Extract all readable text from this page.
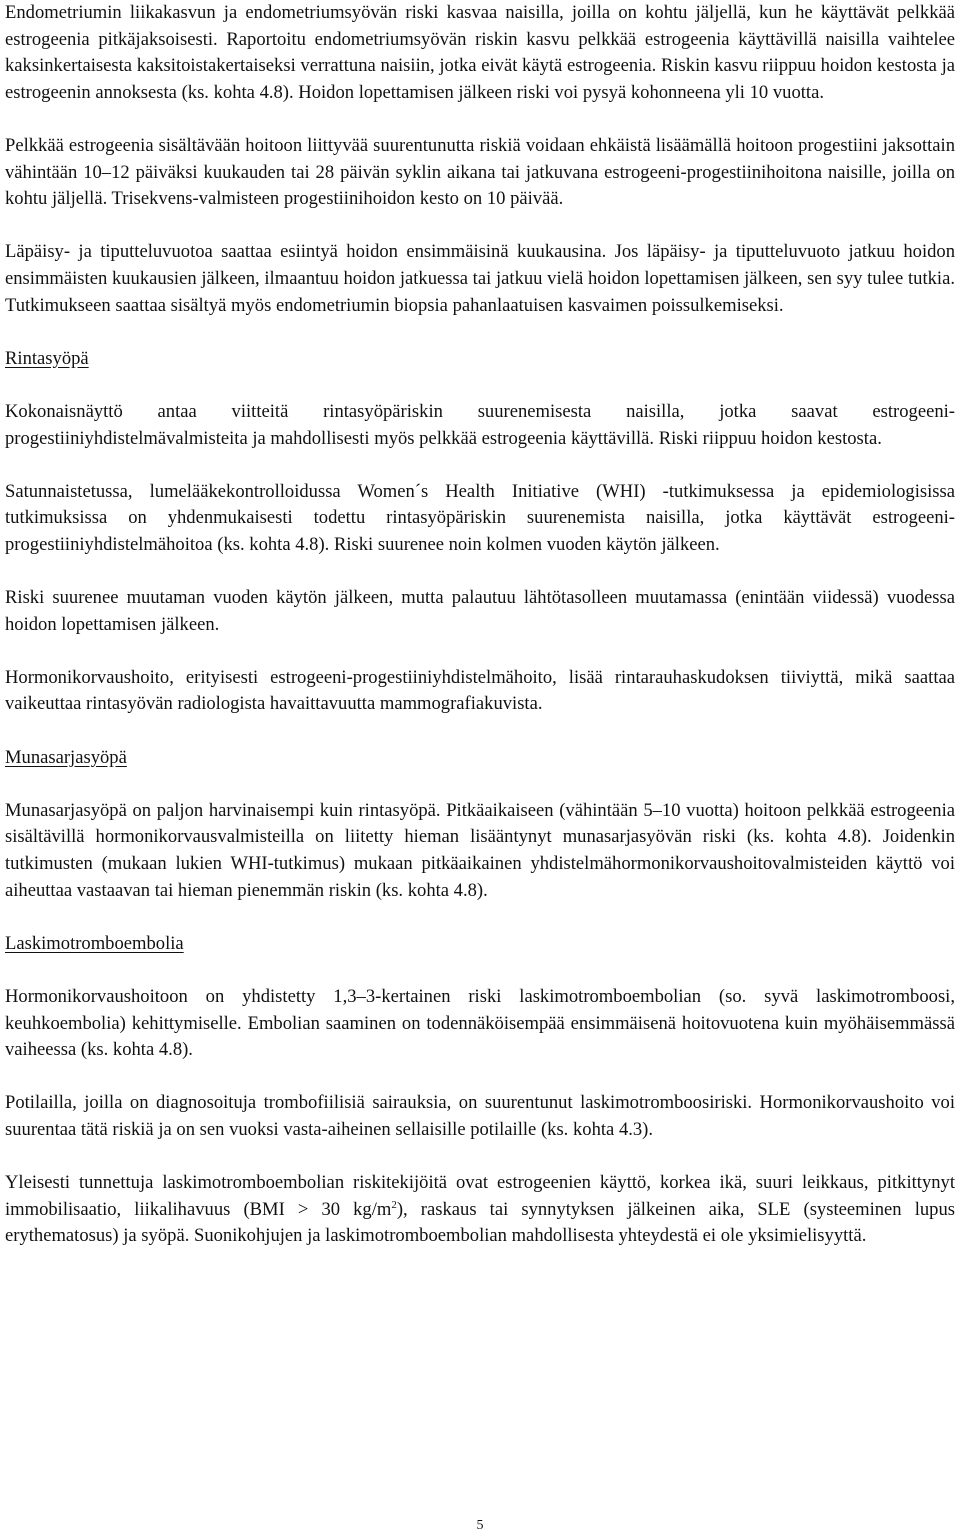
Endometriumin liikakasvun ja endometriumsyövän riski kasvaa naisilla, joilla on kohtu jäljellä, kun he käyttävät pelkkää estrogeenia pitkäjaksoisesti. Raportoitu endometriumsyövän riskin kasvu pelkkää estrogeenia käyttävillä naisilla vaihtelee kaksinkertaisesta kaksitoistakertaiseksi verrattuna naisiin, jotka eivät käytä estrogeenia. Riskin kasvu riippuu hoidon kestosta ja estrogeenin annoksesta (ks. kohta 4.8). Hoidon lopettamisen jälkeen riski voi pysyä kohonneena yli 10 vuotta.

Pelkkää estrogeenia sisältävään hoitoon liittyvää suurentunutta riskiä voidaan ehkäistä lisäämällä hoitoon progestiini jaksottain vähintään 10–12 päiväksi kuukauden tai 28 päivän syklin aikana tai jatkuvana estrogeeni-progestiinihoitona naisille, joilla on kohtu jäljellä. Trisekvens-valmisteen progestiinihoidon kesto on 10 päivää.

Läpäisy- ja tiputteluvuotoa saattaa esiintyä hoidon ensimmäisinä kuukausina. Jos läpäisy- ja tiputteluvuoto jatkuu hoidon ensimmäisten kuukausien jälkeen, ilmaantuu hoidon jatkuessa tai jatkuu vielä hoidon lopettamisen jälkeen, sen syy tulee tutkia. Tutkimukseen saattaa sisältyä myös endometriumin biopsia pahanlaatuisen kasvaimen poissulkemiseksi.

Rintasyöpä

Kokonaisnäyttö antaa viitteitä rintasyöpäriskin suurenemisesta naisilla, jotka saavat estrogeeni-progestiiniyhdistelmävalmisteita ja mahdollisesti myös pelkkää estrogeenia käyttävillä. Riski riippuu hoidon kestosta.

Satunnaistetussa, lumelääkekontrolloidussa Women´s Health Initiative (WHI) -tutkimuksessa ja epidemiologisissa tutkimuksissa on yhdenmukaisesti todettu rintasyöpäriskin suurenemista naisilla, jotka käyttävät estrogeeni-progestiiniyhdistelmähoitoa (ks. kohta 4.8). Riski suurenee noin kolmen vuoden käytön jälkeen.

Riski suurenee muutaman vuoden käytön jälkeen, mutta palautuu lähtötasolleen muutamassa (enintään viidessä) vuodessa hoidon lopettamisen jälkeen.

Hormonikorvaushoito, erityisesti estrogeeni-progestiiniyhdistelmähoito, lisää rintarauhaskudoksen tiiviyttä, mikä saattaa vaikeuttaa rintasyövän radiologista havaittavuutta mammografiakuvista.

Munasarjasyöpä

Munasarjasyöpä on paljon harvinaisempi kuin rintasyöpä. Pitkäaikaiseen (vähintään 5–10 vuotta) hoitoon pelkkää estrogeenia sisältävillä hormonikorvausvalmisteilla on liitetty hieman lisääntynyt munasarjasyövän riski (ks. kohta 4.8). Joidenkin tutkimusten (mukaan lukien WHI-tutkimus) mukaan pitkäaikainen yhdistelmähormonikorvaushoitovalmisteiden käyttö voi aiheuttaa vastaavan tai hieman pienemmän riskin (ks. kohta 4.8).

Laskimotromboembolia

Hormonikorvaushoitoon on yhdistetty 1,3–3-kertainen riski laskimotromboembolian (so. syvä laskimotromboosi, keuhkoembolia) kehittymiselle. Embolian saaminen on todennäköisempää ensimmäisenä hoitovuotena kuin myöhäisemmässä vaiheessa (ks. kohta 4.8).

Potilailla, joilla on diagnosoituja trombofiilisiä sairauksia, on suurentunut laskimotromboosiriski. Hormonikorvaushoito voi suurentaa tätä riskiä ja on sen vuoksi vasta-aiheinen sellaisille potilaille (ks. kohta 4.3).

Yleisesti tunnettuja laskimotromboembolian riskitekijöitä ovat estrogeenien käyttö, korkea ikä, suuri leikkaus, pitkittynyt immobilisaatio, liikalihavuus (BMI > 30 $kg/m^2$), raskaus tai synnytyksen jälkeinen aika, SLE (systeeminen lupus erythematosus) ja syöpä. Suonikohjujen ja laskimotromboembolian mahdollisesta yhteydestä ei ole yksimielisyyttä.

5
